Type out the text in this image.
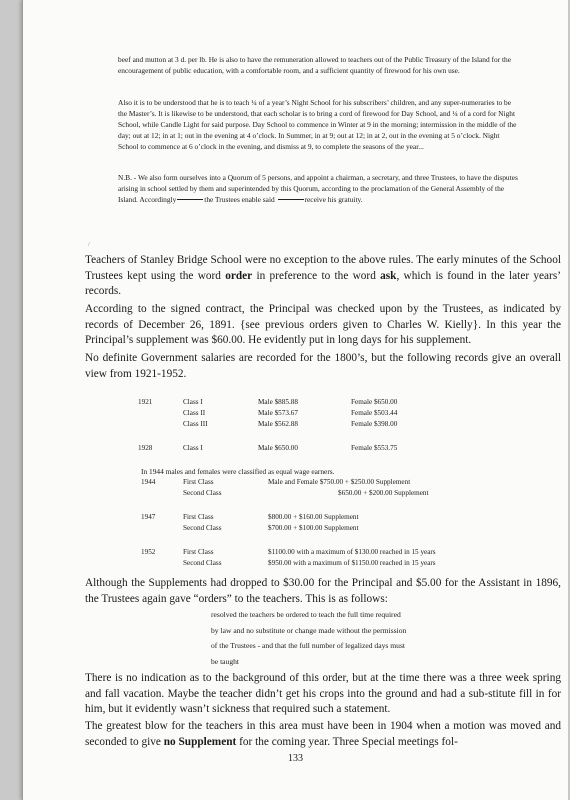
beef and mutton at 3 d. per lb. He is also to have the remuneration allowed to teachers out of the Public Treasury of the Island for the encouragement of public education, with a comfortable room, and a sufficient quantity of firewood for his own use.

Also it is to be understood that he is to teach ¼ of a year’s Night School for his subscribers’ children, and any super-numeraries to be the Master’s. It is likewise to be understood, that each scholar is to bring a cord of firewood for Day School, and ¼ of a cord for Night School, while Candle Light for said purpose. Day School to commence in Winter at 9 in the morning; intermission in the middle of the day; out at 12; in at 1; out in the evening at 4 o’clock. In Summer, in at 9; out at 12; in at 2, out in the evening at 5 o’clock. Night School to commence at 6 o’clock in the evening, and dismiss at 9, to complete the seasons of the year...

N.B. - We also form ourselves into a Quorum of 5 persons, and appoint a chairman, a secretary, and three Trustees, to have the disputes arising in school settled by them and superintended by this Quorum, according to the proclamation of the General Assembly of the Island. Accordingly	the Trustees enable said	receive his gratuity.

/

Teachers of Stanley Bridge School were no exception to the above rules. The early minutes of the School Trustees kept using the word order in preference to the word ask, which is found in the later years’ records.

According to the signed contract, the Principal was checked upon by the Trustees, as indicated by records of December 26, 1891. {see previous orders given to Charles W. Kielly}. In this year the Principal’s supplement was $60.00. He evidently put in long days for his supplement.

No definite Government salaries are recorded for the 1800’s, but the following records give an overall view from 1921-1952.

1921	Class I	Male $885.88	Female $650.00
Class II	Male $573.67	Female $503.44
Class III	Male $562.88	Female $398.00
1928	Class I	Male $650.00	Female $553.75
In 1944 males and females were classified as equal wage earners.
1944	First Class	Male and Female $750.00 + $250.00 Supplement
Second Class	$650.00 + $200.00 Supplement
1947	First Class	$800.00 + $160.00 Supplement
Second Class	$700.00 + $100.00 Supplement
1952	First Class	$1100.00 with a maximum of $130.00 reached in 15 years
Second Class	$950.00 with a maximum of $1150.00 reached in 15 years

Although the Supplements had dropped to $30.00 for the Principal and $5.00 for the Assistant in 1896, the Trustees again gave “orders” to the teachers. This is as follows:

resolved the teachers be ordered to teach the full time required
by law and no substitute or change made without the permission
of the Trustees - and that the full number of legalized days must
be taught

There is no indication as to the background of this order, but at the time there was a three week spring and fall vacation. Maybe the teacher didn’t get his crops into the ground and had a sub-stitute fill in for him, but it evidently wasn’t sickness that required such a statement.

The greatest blow for the teachers in this area must have been in 1904 when a motion was moved and seconded to give no Supplement for the coming year. Three Special meetings fol-

133
